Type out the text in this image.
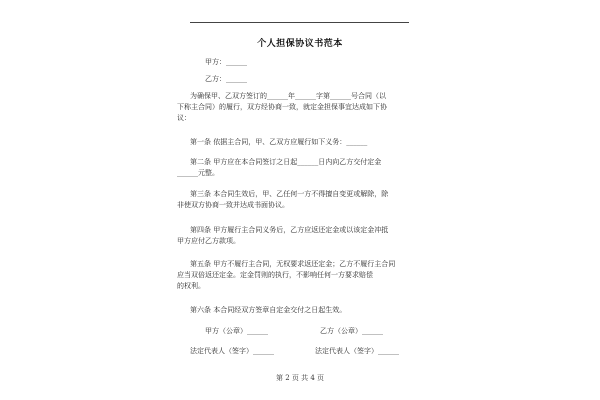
个人担保协议书范本
甲方：______
乙方：______
为确保甲、乙双方签订的______年______字第______号合同（以
下称主合同）的履行，双方经协商一致，就定金担保事宜达成如下协
议：
第一条 依据主合同，甲、乙双方应履行如下义务：______
第二条 甲方应在本合同签订之日起______日内向乙方交付定金
______元整。
第三条 本合同生效后，甲、乙任何一方不得擅自变更或解除，除
非使双方协商一致并达成书面协议。
第四条 甲方履行主合同义务后，乙方应返还定金或以该定金冲抵
甲方应付乙方款项。
第五条 甲方不履行主合同，无权要求返还定金；乙方不履行主合同
应当双倍返还定金。定金罚则的执行，不影响任何一方要求赔偿
的权利。
第六条 本合同经双方签章自定金交付之日起生效。
甲方（公章）______	乙方（公章）______
法定代表人（签字）______	法定代表人（签字）______
第 2 页 共 4 页
